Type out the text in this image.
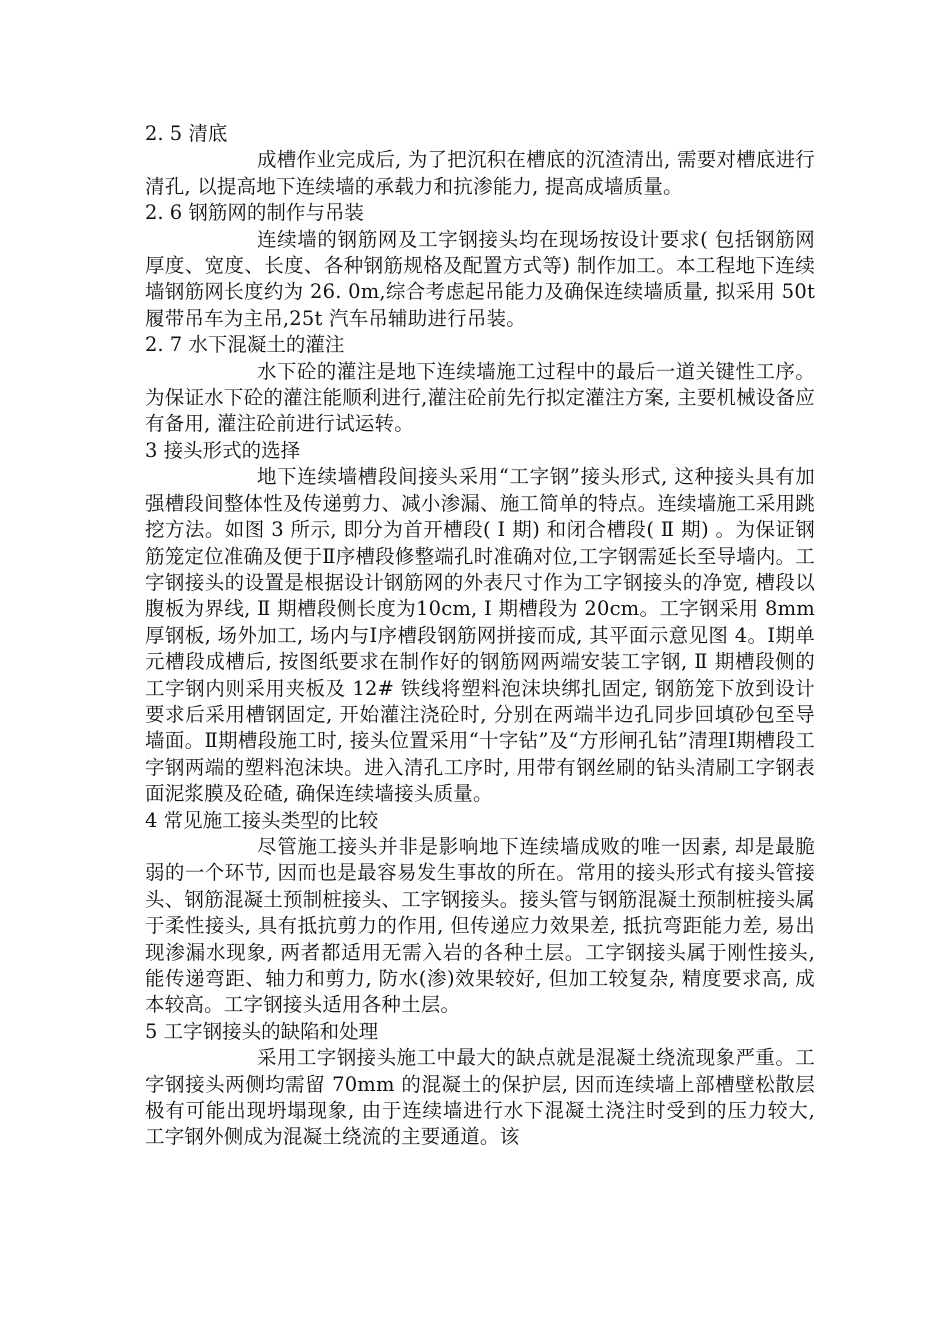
2. 5 清底

成槽作业完成后, 为了把沉积在槽底的沉渣清出, 需要对槽底进行清孔, 以提高地下连续墙的承载力和抗渗能力, 提高成墙质量。

2. 6 钢筋网的制作与吊装

连续墙的钢筋网及工字钢接头均在现场按设计要求( 包括钢筋网厚度、宽度、长度、各种钢筋规格及配置方式等) 制作加工。本工程地下连续墙钢筋网长度约为 26. 0m,综合考虑起吊能力及确保连续墙质量, 拟采用 50t 履带吊车为主吊,25t 汽车吊辅助进行吊装。

2. 7 水下混凝土的灌注

水下砼的灌注是地下连续墙施工过程中的最后一道关键性工序。为保证水下砼的灌注能顺利进行,灌注砼前先行拟定灌注方案, 主要机械设备应有备用, 灌注砼前进行试运转。

3 接头形式的选择

地下连续墙槽段间接头采用“工字钢”接头形式, 这种接头具有加强槽段间整体性及传递剪力、减小渗漏、施工简单的特点。连续墙施工采用跳挖方法。如图 3 所示, 即分为首开槽段( Ⅰ 期) 和闭合槽段( Ⅱ 期) 。为保证钢筋笼定位准确及便于Ⅱ序槽段修整端孔时准确对位,工字钢需延长至导墙内。工字钢接头的设置是根据设计钢筋网的外表尺寸作为工字钢接头的净宽, 槽段以腹板为界线, Ⅱ 期槽段侧长度为10cm, Ⅰ 期槽段为 20cm。工字钢采用 8mm厚钢板, 场外加工, 场内与Ⅰ序槽段钢筋网拼接而成, 其平面示意见图 4。Ⅰ期单元槽段成槽后, 按图纸要求在制作好的钢筋网两端安装工字钢, Ⅱ 期槽段侧的工字钢内则采用夹板及 12# 铁线将塑料泡沫块绑扎固定, 钢筋笼下放到设计要求后采用槽钢固定, 开始灌注浇砼时, 分别在两端半边孔同步回填砂包至导墙面。Ⅱ期槽段施工时, 接头位置采用“十字钻”及“方形闸孔钻”清理Ⅰ期槽段工字钢两端的塑料泡沫块。进入清孔工序时, 用带有钢丝刷的钻头清刷工字钢表面泥浆膜及砼碴, 确保连续墙接头质量。

4 常见施工接头类型的比较

尽管施工接头并非是影响地下连续墙成败的唯一因素, 却是最脆弱的一个环节, 因而也是最容易发生事故的所在。常用的接头形式有接头管接头、钢筋混凝土预制桩接头、工字钢接头。接头管与钢筋混凝土预制桩接头属于柔性接头, 具有抵抗剪力的作用, 但传递应力效果差, 抵抗弯距能力差, 易出现渗漏水现象, 两者都适用无需入岩的各种土层。工字钢接头属于刚性接头, 能传递弯距、轴力和剪力, 防水(渗)效果较好, 但加工较复杂, 精度要求高, 成本较高。工字钢接头适用各种土层。

5 工字钢接头的缺陷和处理

采用工字钢接头施工中最大的缺点就是混凝土绕流现象严重。工字钢接头两侧均需留 70mm 的混凝土的保护层, 因而连续墙上部槽壁松散层极有可能出现坍塌现象, 由于连续墙进行水下混凝土浇注时受到的压力较大, 工字钢外侧成为混凝土绕流的主要通道。该
